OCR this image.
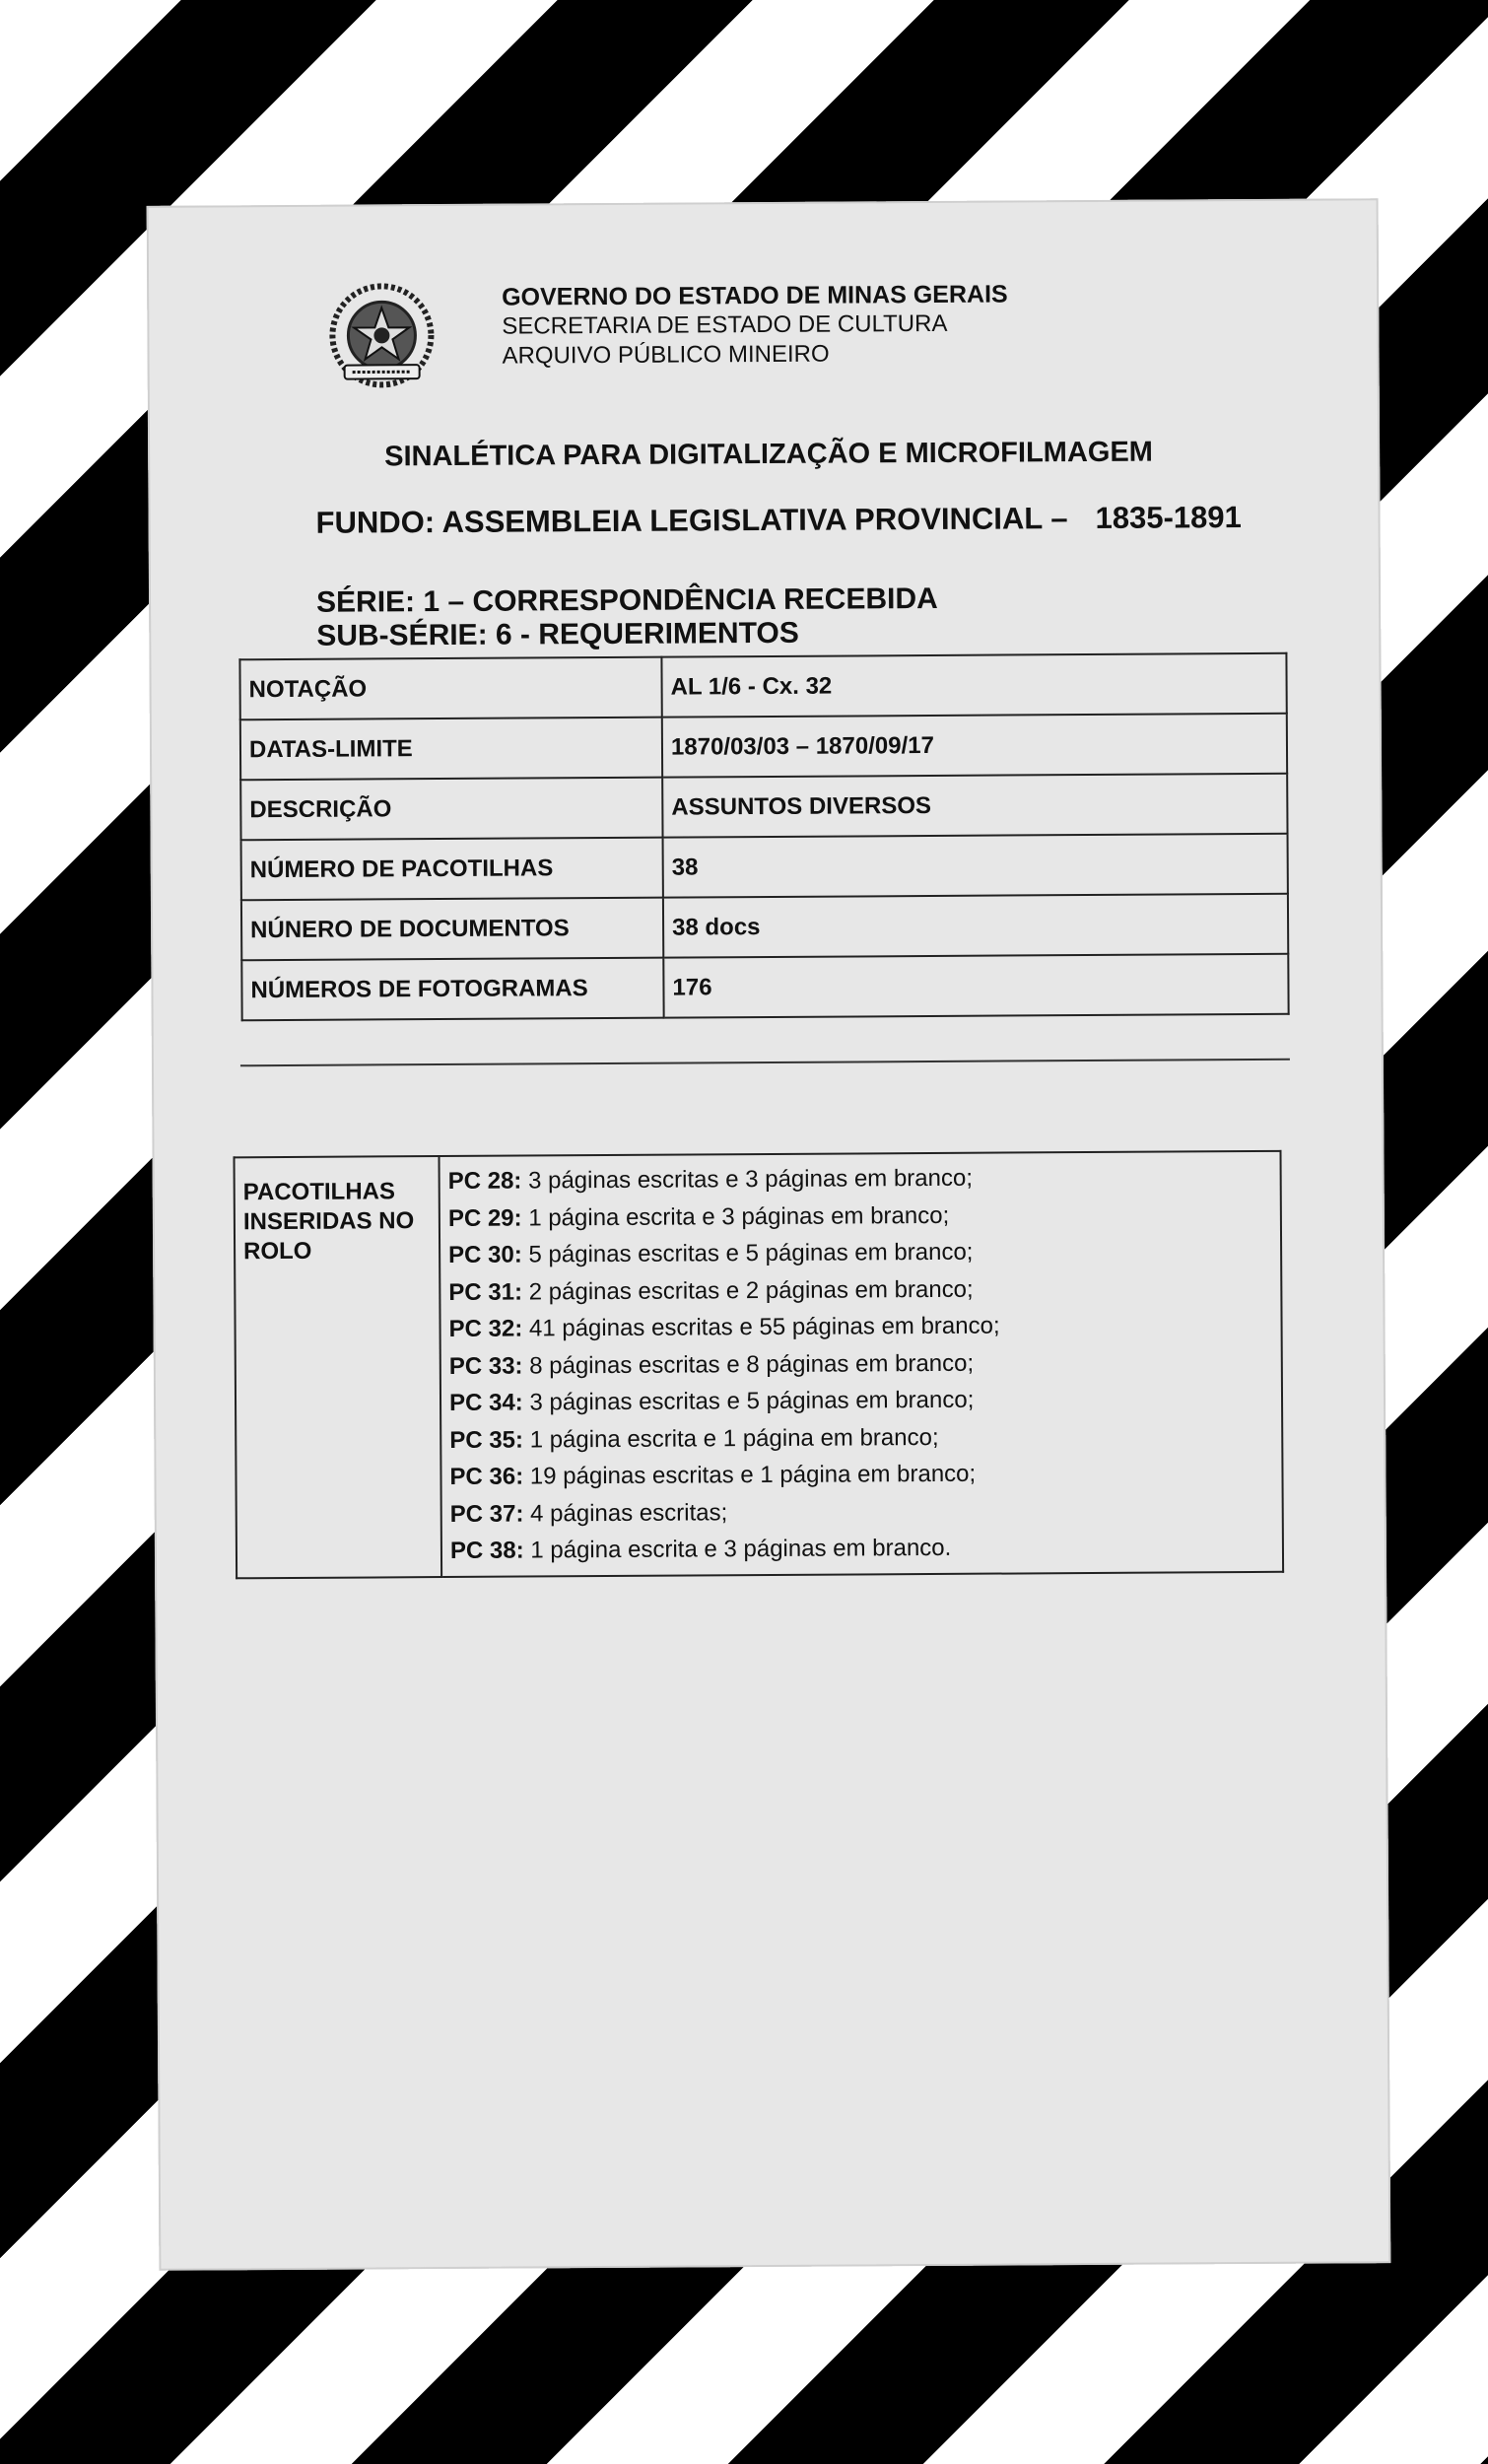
GOVERNO DO ESTADO DE MINAS GERAIS
SECRETARIA DE ESTADO DE CULTURA
ARQUIVO PÚBLICO MINEIRO
SINALÉTICA PARA DIGITALIZAÇÃO E MICROFILMAGEM
FUNDO: ASSEMBLEIA LEGISLATIVA PROVINCIAL – 1835-1891
SÉRIE: 1 – CORRESPONDÊNCIA RECEBIDA
SUB-SÉRIE: 6 - REQUERIMENTOS
NOTAÇÃO	AL 1/6 - Cx. 32
DATAS-LIMITE	1870/03/03 – 1870/09/17
DESCRIÇÃO	ASSUNTOS DIVERSOS
NÚMERO DE PACOTILHAS	38
NÚNERO DE DOCUMENTOS	38 docs
NÚMEROS DE FOTOGRAMAS	176
PACOTILHAS INSERIDAS NO ROLO	
PC 28: 3 páginas escritas e 3 páginas em branco;
PC 29: 1 página escrita e 3 páginas em branco;
PC 30: 5 páginas escritas e 5 páginas em branco;
PC 31: 2 páginas escritas e 2 páginas em branco;
PC 32: 41 páginas escritas e 55 páginas em branco;
PC 33: 8 páginas escritas e 8 páginas em branco;
PC 34: 3 páginas escritas e 5 páginas em branco;
PC 35: 1 página escrita e 1 página em branco;
PC 36: 19 páginas escritas e 1 página em branco;
PC 37: 4 páginas escritas;
PC 38: 1 página escrita e 3 páginas em branco.
